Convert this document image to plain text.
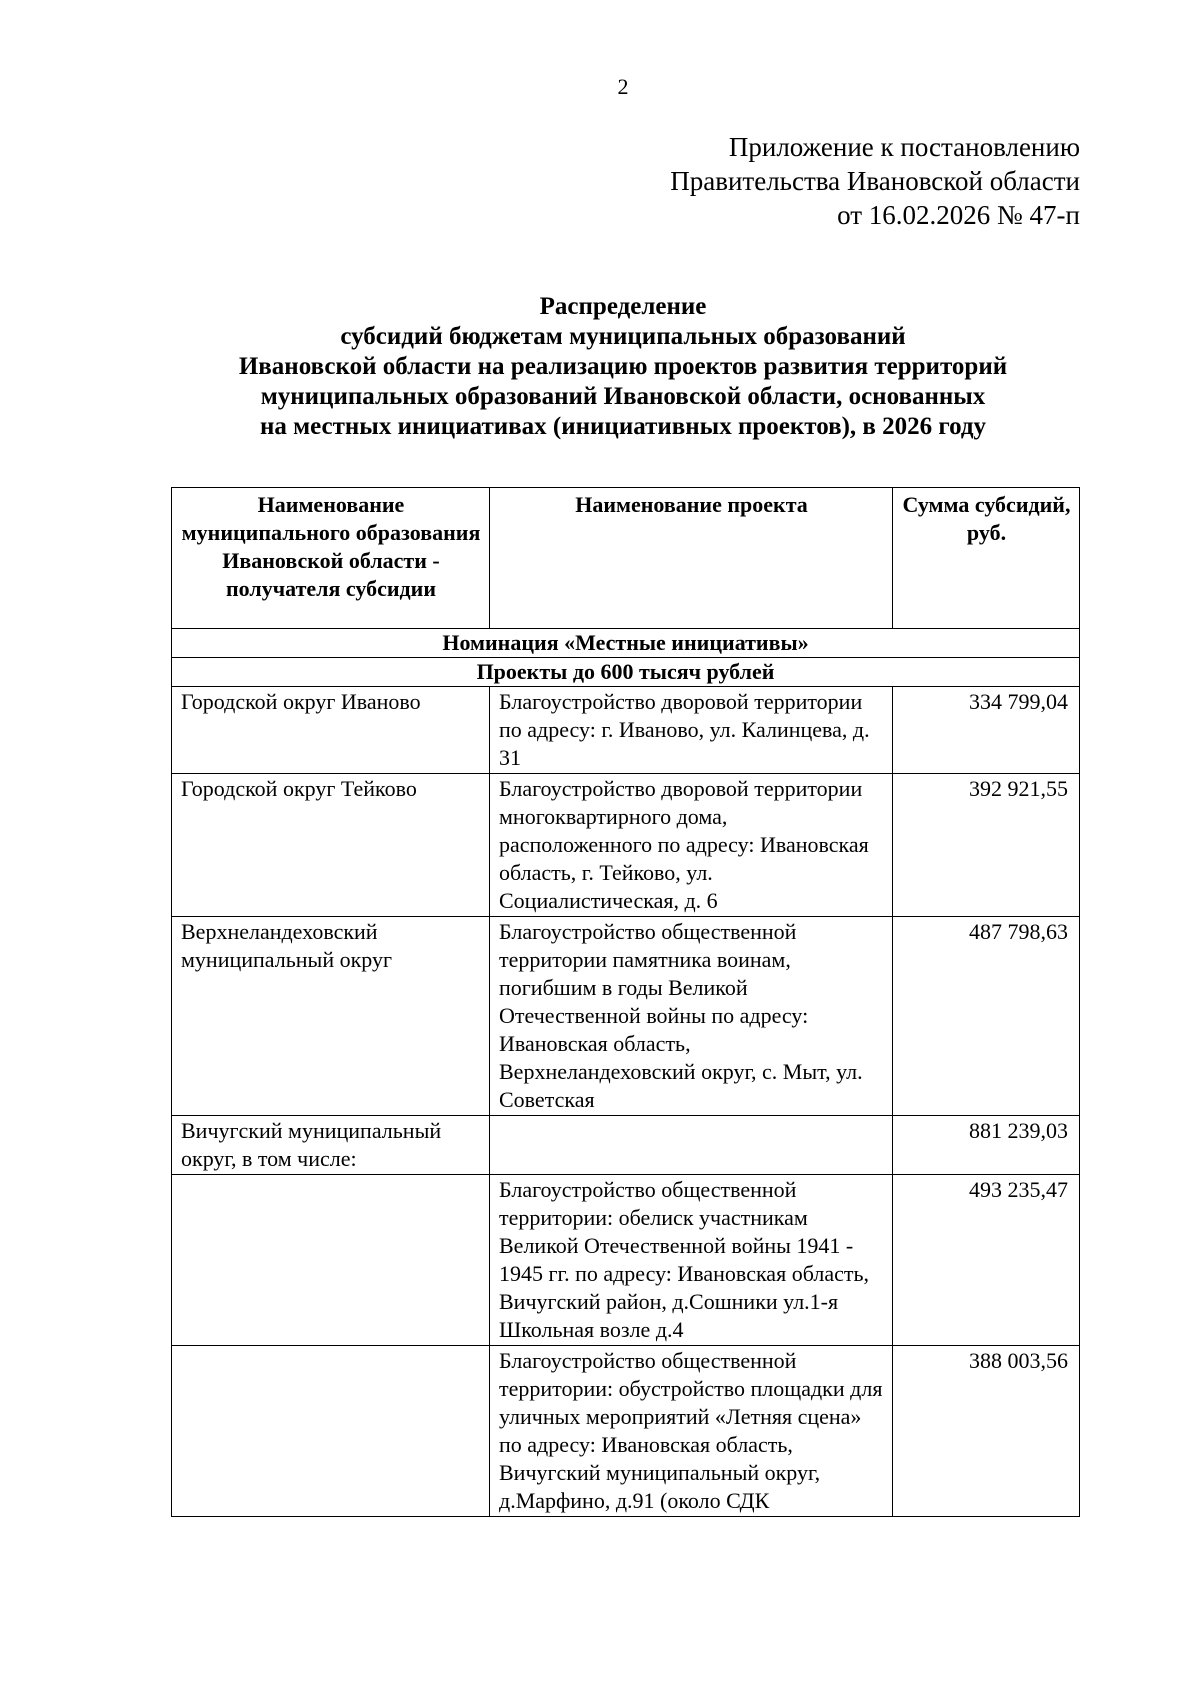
2
Приложение к постановлению
Правительства Ивановской области
от 16.02.2026 № 47-п
Распределение
субсидий бюджетам муниципальных образований
Ивановской области на реализацию проектов развития территорий
муниципальных образований Ивановской области, основанных
на местных инициативах (инициативных проектов), в 2026 году
Наименование муниципального образования Ивановской области - получателя субсидии	Наименование проекта	Сумма субсидий, руб.
Номинация «Местные инициативы»		
Проекты до 600 тысяч рублей		
Городской округ Иваново	Благоустройство дворовой территории по адресу: г. Иваново, ул. Калинцева, д. 31	334 799,04
Городской округ Тейково	Благоустройство дворовой территории многоквартирного дома, расположенного по адресу: Ивановская область, г. Тейково, ул. Социалистическая, д. 6	392 921,55
Верхнеландеховский муниципальный округ	Благоустройство общественной территории памятника воинам, погибшим в годы Великой Отечественной войны по адресу: Ивановская область, Верхнеландеховский округ, с. Мыт, ул. Советская	487 798,63
Вичугский муниципальный округ, в том числе:		881 239,03
	Благоустройство общественной территории: обелиск участникам Великой Отечественной войны 1941 - 1945 гг. по адресу: Ивановская область, Вичугский район, д.Сошники ул.1-я Школьная возле д.4	493 235,47
	Благоустройство общественной территории: обустройство площадки для уличных мероприятий «Летняя сцена» по адресу: Ивановская область, Вичугский муниципальный округ, д.Марфино, д.91 (около СДК	388 003,56
